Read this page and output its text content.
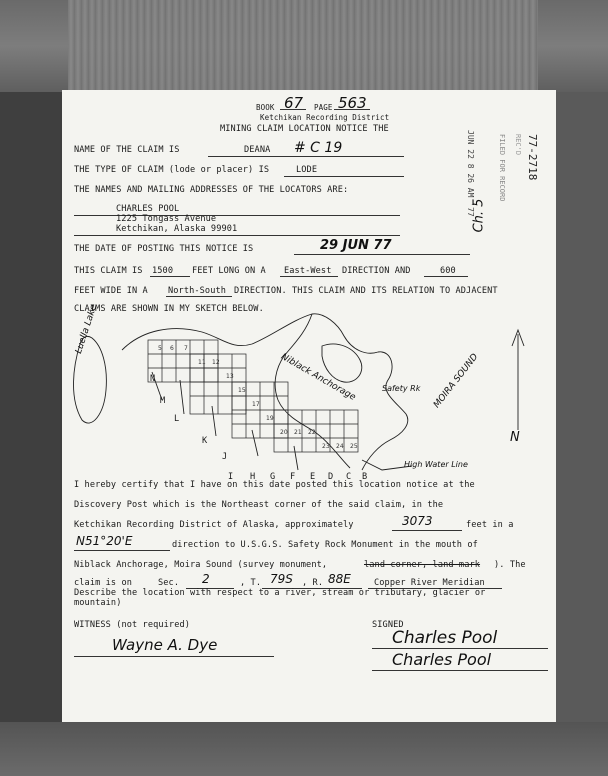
BOOK 67 PAGE 563
Ketchikan Recording District
MINING CLAIM LOCATION NOTICE THE
JUN 22 8 26 AM '77	FILED FOR RECORD REC'D 77-2718
Ch. 5
NAME OF THE CLAIM IS	DEANA # C 19
THE TYPE OF CLAIM (lode or placer) IS	LODE
THE NAMES AND MAILING ADDRESSES OF THE LOCATORS ARE:
CHARLES POOL
1225 Tongass Avenue
Ketchikan, Alaska 99901
THE DATE OF POSTING THIS NOTICE IS	29 JUN 77
THIS CLAIM IS 1500 FEET LONG ON A East-West DIRECTION AND	600
FEET WIDE IN A North-South DIRECTION. THIS CLAIM AND ITS RELATION TO ADJACENT
CLAIMS ARE SHOWN IN MY SKETCH BELOW.
5 6 7
11 12
13
15
17
19
20 21 22
23 24 25
Luella Lake
Niblack Anchorage	MOIRA SOUND
Safety Rk
High Water Line
N
I H G F E D C B
N
M
L
K
J
I hereby certify that I have on this date posted this location notice at the
Discovery Post which is the Northeast corner of the said claim, in the
Ketchikan Recording District of Alaska, approximately	3073	feet in a
N51°20'E	direction to U.S.G.S. Safety Rock Monument in the mouth of
Niblack Anchorage, Moira Sound (survey monument,	land corner, land mark ). The
claim is on	Sec. 2	, T. 79S , R. 88E	Copper River Meridian
Describe the location with respect to a river, stream or tributary, glacier or
mountain)
WITNESS (not required)
Wayne A. Dye
SIGNED
Charles Pool
Charles Pool
